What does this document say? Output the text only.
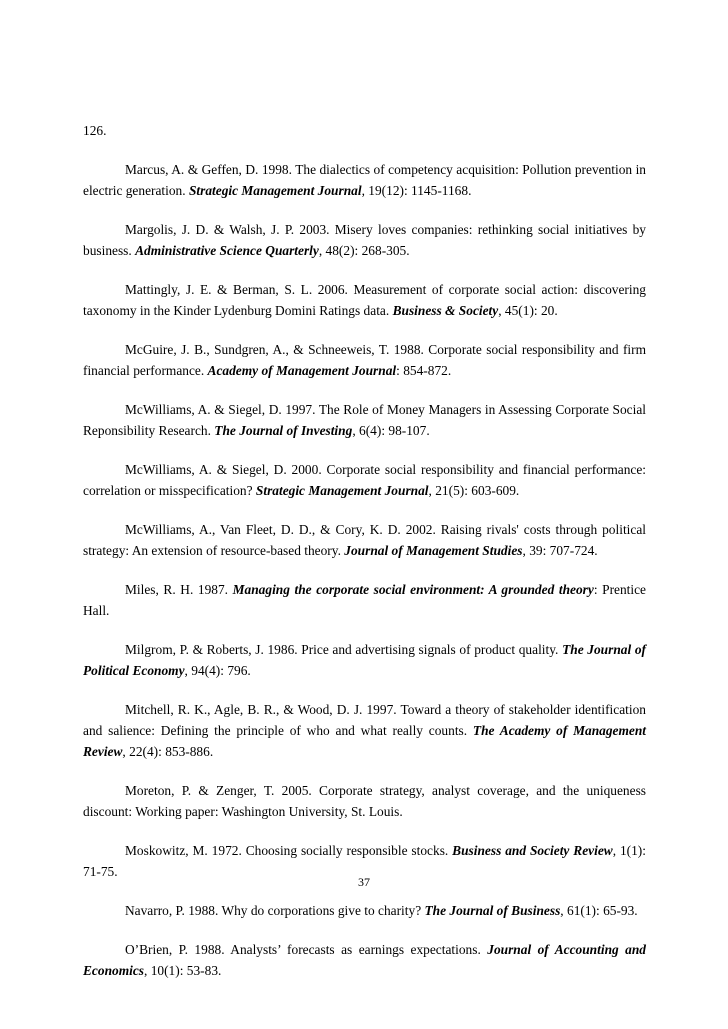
126.

Marcus, A. & Geffen, D. 1998. The dialectics of competency acquisition: Pollution prevention in electric generation. Strategic Management Journal, 19(12): 1145-1168.
Margolis, J. D. & Walsh, J. P. 2003. Misery loves companies: rethinking social initiatives by business. Administrative Science Quarterly, 48(2): 268-305.
Mattingly, J. E. & Berman, S. L. 2006. Measurement of corporate social action: discovering taxonomy in the Kinder Lydenburg Domini Ratings data. Business & Society, 45(1): 20.
McGuire, J. B., Sundgren, A., & Schneeweis, T. 1988. Corporate social responsibility and firm financial performance. Academy of Management Journal: 854-872.
McWilliams, A. & Siegel, D. 1997. The Role of Money Managers in Assessing Corporate Social Reponsibility Research. The Journal of Investing, 6(4): 98-107.
McWilliams, A. & Siegel, D. 2000. Corporate social responsibility and financial performance: correlation or misspecification? Strategic Management Journal, 21(5): 603-609.
McWilliams, A., Van Fleet, D. D., & Cory, K. D. 2002. Raising rivals' costs through political strategy: An extension of resource-based theory. Journal of Management Studies, 39: 707-724.
Miles, R. H. 1987. Managing the corporate social environment: A grounded theory: Prentice Hall.
Milgrom, P. & Roberts, J. 1986. Price and advertising signals of product quality. The Journal of Political Economy, 94(4): 796.
Mitchell, R. K., Agle, B. R., & Wood, D. J. 1997. Toward a theory of stakeholder identification and salience: Defining the principle of who and what really counts. The Academy of Management Review, 22(4): 853-886.
Moreton, P. & Zenger, T. 2005. Corporate strategy, analyst coverage, and the uniqueness discount: Working paper: Washington University, St. Louis.
Moskowitz, M. 1972. Choosing socially responsible stocks. Business and Society Review, 1(1): 71-75.
Navarro, P. 1988. Why do corporations give to charity? The Journal of Business, 61(1): 65-93.
O’Brien, P. 1988. Analysts’ forecasts as earnings expectations. Journal of Accounting and Economics, 10(1): 53-83.
37
